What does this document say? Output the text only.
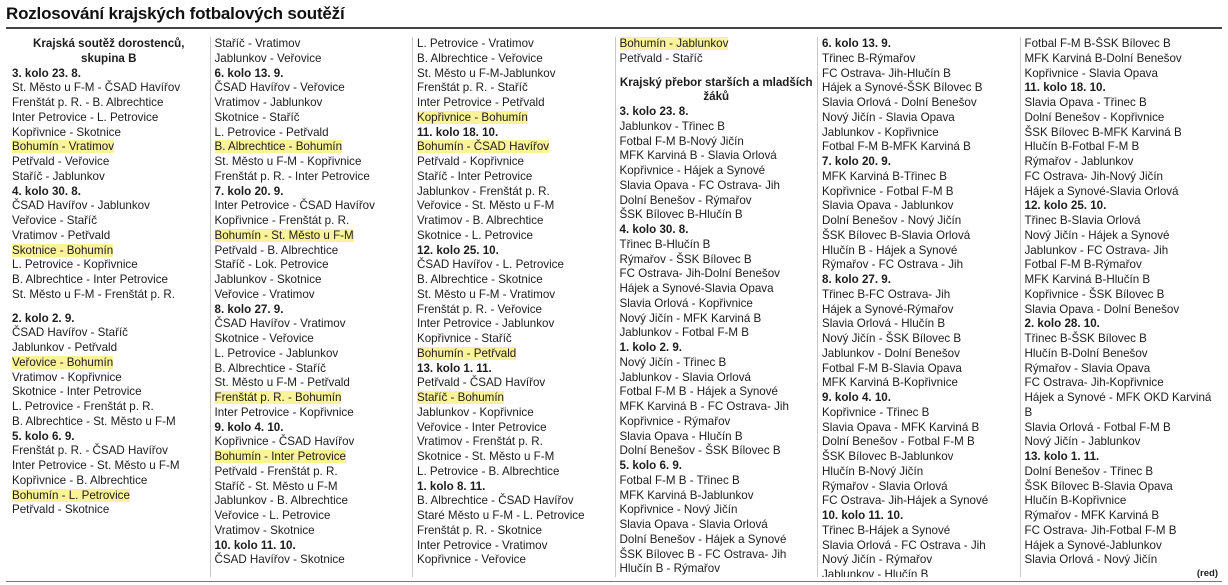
Rozlosování krajských fotbalových soutěží
Krajská soutěž dorostenců, skupina B
3. kolo 23. 8.
St. Město u F-M - ČSAD Havířov
Frenštát p. R. - B. Albrechtice
Inter Petrovice - L. Petrovice
Kopřivnice - Skotnice
Bohumín - Vratimov
Petřvald - Veřovice
Staříč - Jablunkov
4. kolo 30. 8.
ČSAD Havířov - Jablunkov
Veřovice - Staříč
Vratimov - Petřvald
Skotnice - Bohumín
L. Petrovice - Kopřivnice
B. Albrechtice - Inter Petrovice
St. Město u F-M - Frenštát p. R.
2. kolo 2. 9.
ČSAD Havířov - Staříč
Jablunkov - Petřvald
Veřovice - Bohumín
Vratimov - Kopřivnice
Skotnice - Inter Petrovice
L. Petrovice - Frenštát p. R.
B. Albrechtice - St. Město u F-M
5. kolo 6. 9.
Frenštát p. R. - ČSAD Havířov
Inter Petrovice - St. Město u F-M
Kopřivnice - B. Albrechtice
Bohumín - L. Petrovice
Petřvald - Skotnice
Staříč - Vratimov
Jablunkov - Veřovice
6. kolo 13. 9.
ČSAD Havířov - Veřovice
Vratimov - Jablunkov
Skotnice - Staříč
L. Petrovice - Petřvald
B. Albrechtice - Bohumín
St. Město u F-M - Kopřivnice
Frenštát p. R. - Inter Petrovice
7. kolo 20. 9.
Inter Petrovice - ČSAD Havířov
Kopřivnice - Frenštát p. R.
Bohumín - St. Město u F-M
Petřvald - B. Albrechtice
Staříč - Lok. Petrovice
Jablunkov - Skotnice
Veřovice - Vratimov
8. kolo 27. 9.
ČSAD Havířov - Vratimov
Skotnice - Veřovice
L. Petrovice - Jablunkov
B. Albrechtice - Staříč
St. Město u F-M - Petřvald
Frenštát p. R. - Bohumín
Inter Petrovice - Kopřivnice
9. kolo 4. 10.
Kopřivnice - ČSAD Havířov
Bohumín - Inter Petrovice
Petřvald - Frenštát p. R.
Staříč - St. Město u F-M
Jablunkov - B. Albrechtice
Veřovice - L. Petrovice
Vratimov - Skotnice
10. kolo 11. 10.
ČSAD Havířov - Skotnice
L. Petrovice - Vratimov
B. Albrechtice - Veřovice
St. Město u F-M-Jablunkov
Frenštát p. R. - Staříč
Inter Petrovice - Petřvald
Kopřivnice - Bohumín
11. kolo 18. 10.
Bohumín - ČSAD Havířov
Petřvald - Kopřivnice
Staříč - Inter Petrovice
Jablunkov - Frenštát p. R.
Veřovice - St. Město u F-M
Vratimov - B. Albrechtice
Skotnice - L. Petrovice
12. kolo 25. 10.
ČSAD Havířov - L. Petrovice
B. Albrechtice - Skotnice
St. Město u F-M - Vratimov
Frenštát p. R. - Veřovice
Inter Petrovice - Jablunkov
Kopřivnice - Staříč
Bohumín - Petřvald
13. kolo 1. 11.
Petřvald - ČSAD Havířov
Staříč - Bohumín
Jablunkov - Kopřivnice
Veřovice - Inter Petrovice
Vratimov - Frenštát p. R.
Skotnice - St. Město u F-M
L. Petrovice - B. Albrechtice
1. kolo 8. 11.
B. Albrechtice - ČSAD Havířov
Staré Město u F-M - L. Petrovice
Frenštát p. R. - Skotnice
Inter Petrovice - Vratimov
Kopřivnice - Veřovice
Bohumín - Jablunkov
Petřvald - Staříč
Krajský přebor starších a mladších žáků
3. kolo 23. 8.
Jablunkov - Třinec B
Fotbal F-M B-Nový Jičín
MFK Karviná B - Slavia Orlová
Kopřivnice - Hájek a Synové
Slavia Opava - FC Ostrava- Jih
Dolní Benešov - Rýmařov
ŠSK Bílovec B-Hlučín B
4. kolo 30. 8.
Třinec B-Hlučín B
Rýmařov - ŠSK Bílovec B
FC Ostrava- Jih-Dolní Benešov
Hájek a Synové-Slavia Opava
Slavia Orlová - Kopřivnice
Nový Jičín - MFK Karviná B
Jablunkov - Fotbal F-M B
1. kolo 2. 9.
Nový Jičín - Třinec B
Jablunkov - Slavia Orlová
Fotbal F-M B - Hájek a Synové
MFK Karviná B - FC Ostrava- Jih
Kopřivnice - Rýmařov
Slavia Opava - Hlučín B
Dolní Benešov - ŠSK Bílovec B
5. kolo 6. 9.
Fotbal F-M B - Třinec B
MFK Karviná B-Jablunkov
Kopřivnice - Nový Jičín
Slavia Opava - Slavia Orlová
Dolní Benešov - Hájek a Synové
ŠSK Bílovec B - FC Ostrava- Jih
Hlučín B - Rýmařov
6. kolo 13. 9.
Třinec B-Rýmařov
FC Ostrava- Jih-Hlučín B
Hájek a Synové-ŠSK Bílovec B
Slavia Orlová - Dolní Benešov
Nový Jičín - Slavia Opava
Jablunkov - Kopřivnice
Fotbal F-M B-MFK Karviná B
7. kolo 20. 9.
MFK Karviná B-Třinec B
Kopřivnice - Fotbal F-M B
Slavia Opava - Jablunkov
Dolní Benešov - Nový Jičín
ŠSK Bílovec B-Slavia Orlová
Hlučín B - Hájek a Synové
Rýmařov - FC Ostrava - Jih
8. kolo 27. 9.
Třinec B-FC Ostrava- Jih
Hájek a Synové-Rýmařov
Slavia Orlová - Hlučín B
Nový Jičín - ŠSK Bílovec B
Jablunkov - Dolní Benešov
Fotbal F-M B-Slavia Opava
MFK Karviná B-Kopřivnice
9. kolo 4. 10.
Kopřivnice - Třinec B
Slavia Opava - MFK Karviná B
Dolní Benešov - Fotbal F-M B
ŠSK Bílovec B-Jablunkov
Hlučín B-Nový Jičín
Rýmařov - Slavia Orlová
FC Ostrava- Jih-Hájek a Synové
10. kolo 11. 10.
Třinec B-Hájek a Synové
Slavia Orlová - FC Ostrava - Jih
Nový Jičín - Rýmařov
Jablunkov - Hlučín B
Fotbal F-M B-ŠSK Bílovec B
MFK Karviná B-Dolní Benešov
Kopřivnice - Slavia Opava
11. kolo 18. 10.
Slavia Opava - Třinec B
Dolní Benešov - Kopřivnice
ŠSK Bílovec B-MFK Karviná B
Hlučín B-Fotbal F-M B
Rýmařov - Jablunkov
FC Ostrava- Jih-Nový Jičín
Hájek a Synové-Slavia Orlová
12. kolo 25. 10.
Třinec B-Slavia Orlová
Nový Jičín - Hájek a Synové
Jablunkov - FC Ostrava- Jih
Fotbal F-M B-Rýmařov
MFK Karviná B-Hlučín B
Kopřivnice - ŠSK Bílovec B
Slavia Opava - Dolní Benešov
2. kolo 28. 10.
Třinec B-ŠSK Bílovec B
Hlučín B-Dolní Benešov
Rýmařov - Slavia Opava
FC Ostrava- Jih-Kopřivnice
Hájek a Synové - MFK OKD Karviná B
Slavia Orlová - Fotbal F-M B
Nový Jičín - Jablunkov
13. kolo 1. 11.
Dolní Benešov - Třinec B
ŠSK Bílovec B-Slavia Opava
Hlučín B-Kopřivnice
Rýmařov - MFK Karviná B
FC Ostrava- Jih-Fotbal F-M B
Hájek a Synové-Jablunkov
Slavia Orlová - Nový Jičín
(red)
